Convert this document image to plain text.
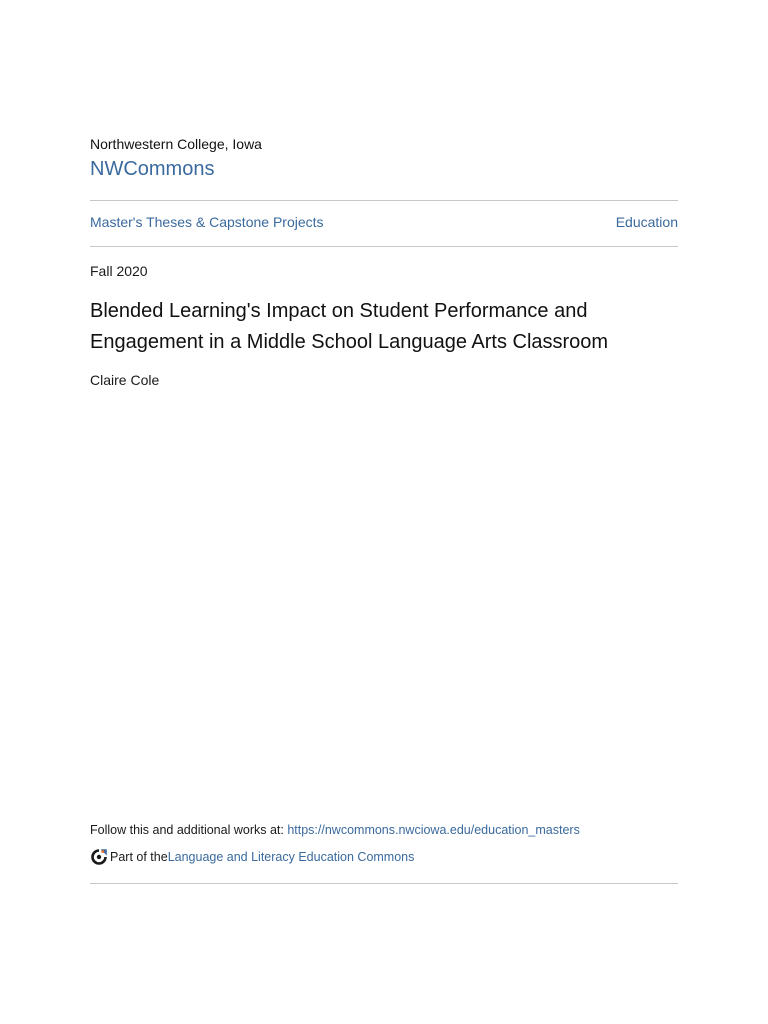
Northwestern College, Iowa
NWCommons
Master's Theses & Capstone Projects	Education
Fall 2020
Blended Learning's Impact on Student Performance and Engagement in a Middle School Language Arts Classroom
Claire Cole
Follow this and additional works at: https://nwcommons.nwciowa.edu/education_masters
Part of the Language and Literacy Education Commons
